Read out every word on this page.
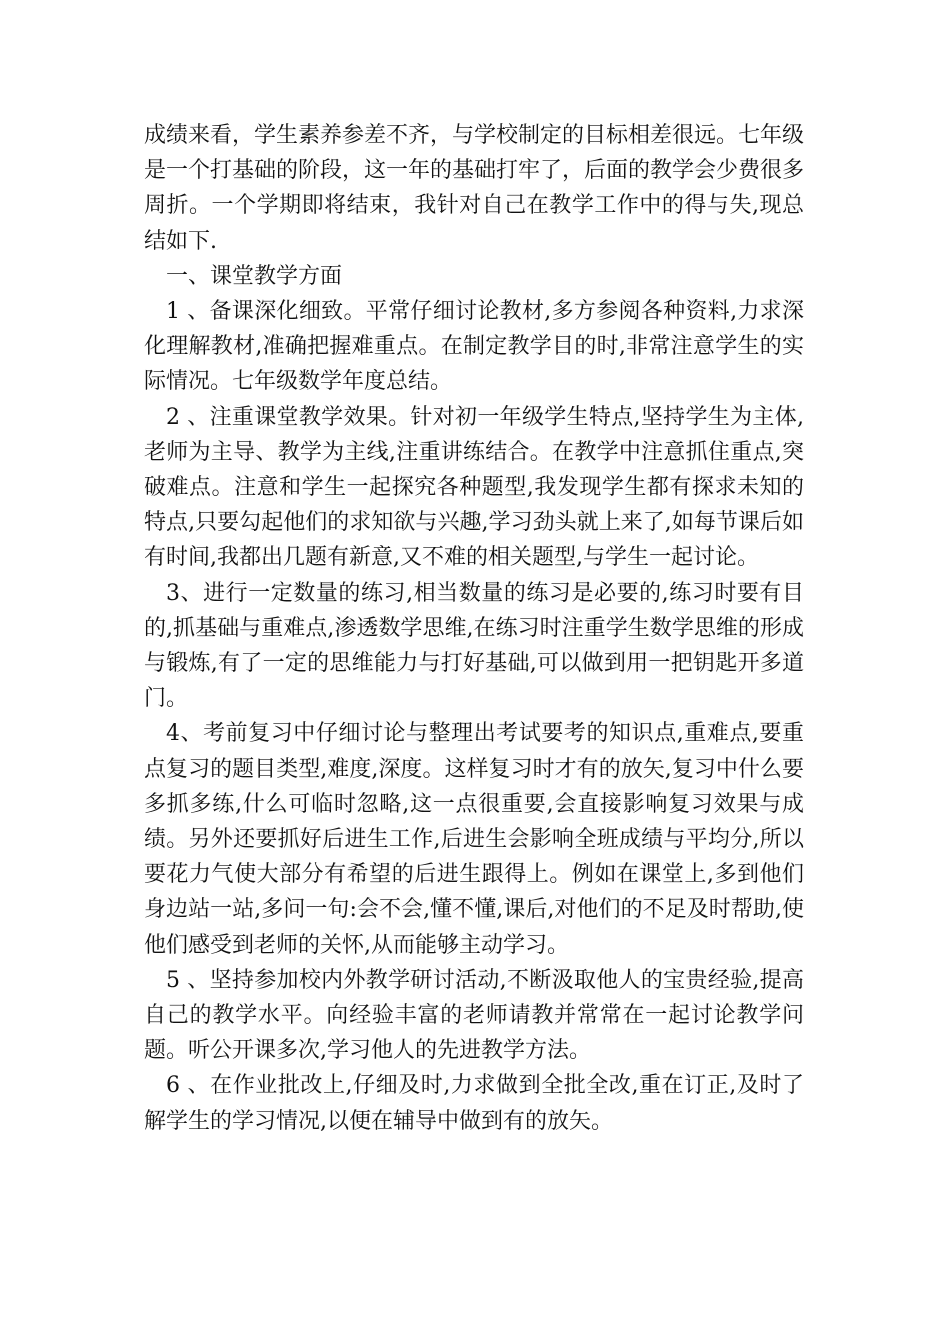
成绩来看，学生素养参差不齐，与学校制定的目标相差很远。七年级是一个打基础的阶段，这一年的基础打牢了，后面的教学会少费很多周折。一个学期即将结束，我针对自己在教学工作中的得与失,现总结如下.

一、课堂教学方面

1 、备课深化细致。平常仔细讨论教材,多方参阅各种资料,力求深化理解教材,准确把握难重点。在制定教学目的时,非常注意学生的实际情况。七年级数学年度总结。

2 、注重课堂教学效果。针对初一年级学生特点,坚持学生为主体,老师为主导、教学为主线,注重讲练结合。在教学中注意抓住重点,突破难点。注意和学生一起探究各种题型,我发现学生都有探求未知的特点,只要勾起他们的求知欲与兴趣,学习劲头就上来了,如每节课后如有时间,我都出几题有新意,又不难的相关题型,与学生一起讨论。

3、进行一定数量的练习,相当数量的练习是必要的,练习时要有目的,抓基础与重难点,渗透数学思维,在练习时注重学生数学思维的形成与锻炼,有了一定的思维能力与打好基础,可以做到用一把钥匙开多道门。

4、考前复习中仔细讨论与整理出考试要考的知识点,重难点,要重点复习的题目类型,难度,深度。这样复习时才有的放矢,复习中什么要多抓多练,什么可临时忽略,这一点很重要,会直接影响复习效果与成绩。另外还要抓好后进生工作,后进生会影响全班成绩与平均分,所以要花力气使大部分有希望的后进生跟得上。例如在课堂上,多到他们身边站一站,多问一句:会不会,懂不懂,课后,对他们的不足及时帮助,使他们感受到老师的关怀,从而能够主动学习。

5 、坚持参加校内外教学研讨活动,不断汲取他人的宝贵经验,提高自己的教学水平。向经验丰富的老师请教并常常在一起讨论教学问题。听公开课多次,学习他人的先进教学方法。

6 、在作业批改上,仔细及时,力求做到全批全改,重在订正,及时了解学生的学习情况,以便在辅导中做到有的放矢。
